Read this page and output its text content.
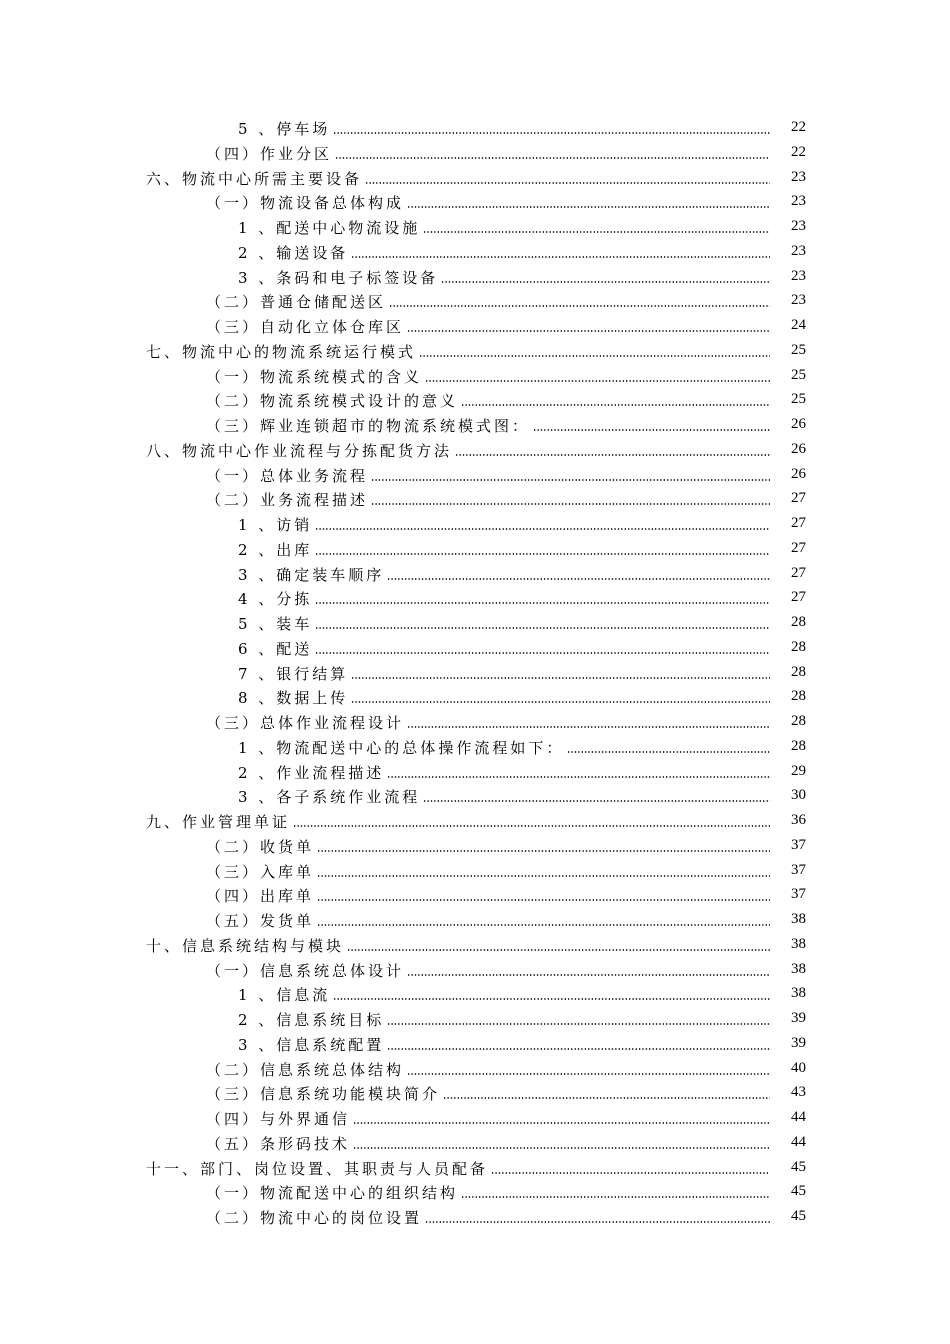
5 、停车场	22
（四）作业分区	22
六、物流中心所需主要设备	23
（一）物流设备总体构成	23
1 、配送中心物流设施	23
2 、输送设备	23
3 、条码和电子标签设备	23
（二）普通仓储配送区	23
（三）自动化立体仓库区	24
七、物流中心的物流系统运行模式	25
（一）物流系统模式的含义	25
（二）物流系统模式设计的意义	25
（三）辉业连锁超市的物流系统模式图：	26
八、物流中心作业流程与分拣配货方法	26
（一）总体业务流程	26
（二）业务流程描述	27
1 、访销	27
2 、出库	27
3 、确定装车顺序	27
4 、分拣	27
5 、装车	28
6 、配送	28
7 、银行结算	28
8 、数据上传	28
（三）总体作业流程设计	28
1 、物流配送中心的总体操作流程如下：	28
2 、作业流程描述	29
3 、各子系统作业流程	30
九、作业管理单证	36
（二）收货单	37
（三）入库单	37
（四）出库单	37
（五）发货单	38
十、信息系统结构与模块	38
（一）信息系统总体设计	38
1 、信息流	38
2 、信息系统目标	39
3 、信息系统配置	39
（二）信息系统总体结构	40
（三）信息系统功能模块简介	43
（四）与外界通信	44
（五）条形码技术	44
十一、部门、岗位设置、其职责与人员配备	45
（一）物流配送中心的组织结构	45
（二）物流中心的岗位设置	45
